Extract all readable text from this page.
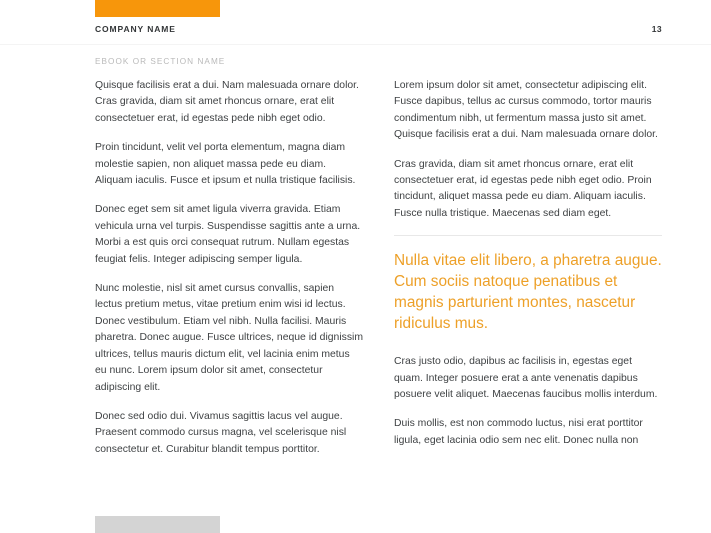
COMPANY NAME	13
EBOOK OR SECTION NAME

Quisque facilisis erat a dui. Nam malesuada ornare dolor. Cras gravida, diam sit amet rhoncus ornare, erat elit consectetuer erat, id egestas pede nibh eget odio.

Proin tincidunt, velit vel porta elementum, magna diam molestie sapien, non aliquet massa pede eu diam. Aliquam iaculis. Fusce et ipsum et nulla tristique facilisis.

Donec eget sem sit amet ligula viverra gravida. Etiam vehicula urna vel turpis. Suspendisse sagittis ante a urna. Morbi a est quis orci consequat rutrum. Nullam egestas feugiat felis. Integer adipiscing semper ligula.

Nunc molestie, nisl sit amet cursus convallis, sapien lectus pretium metus, vitae pretium enim wisi id lectus. Donec vestibulum. Etiam vel nibh. Nulla facilisi. Mauris pharetra. Donec augue. Fusce ultrices, neque id dignissim ultrices, tellus mauris dictum elit, vel lacinia enim metus eu nunc. Lorem ipsum dolor sit amet, consectetur adipiscing elit.

Donec sed odio dui. Vivamus sagittis lacus vel augue. Praesent commodo cursus magna, vel scelerisque nisl consectetur et. Curabitur blandit tempus porttitor.

Lorem ipsum dolor sit amet, consectetur adipiscing elit. Fusce dapibus, tellus ac cursus commodo, tortor mauris condimentum nibh, ut fermentum massa justo sit amet. Quisque facilisis erat a dui. Nam malesuada ornare dolor.

Cras gravida, diam sit amet rhoncus ornare, erat elit consectetuer erat, id egestas pede nibh eget odio. Proin tincidunt, aliquet massa pede eu diam. Aliquam iaculis. Fusce nulla tristique. Maecenas sed diam eget.

Nulla vitae elit libero, a pharetra augue. Cum sociis natoque penatibus et magnis parturient montes, nascetur ridiculus mus.

Cras justo odio, dapibus ac facilisis in, egestas eget quam. Integer posuere erat a ante venenatis dapibus posuere velit aliquet. Maecenas faucibus mollis interdum.

Duis mollis, est non commodo luctus, nisi erat porttitor ligula, eget lacinia odio sem nec elit. Donec nulla non
